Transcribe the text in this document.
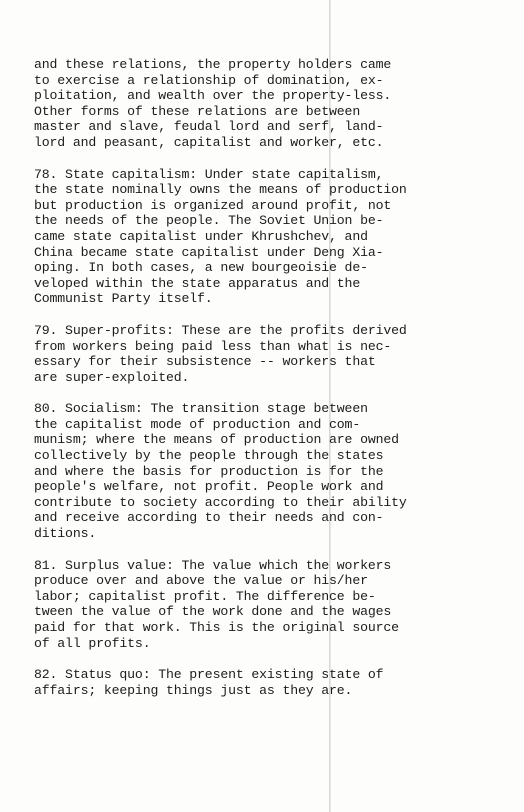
and these relations, the property holders came
to exercise a relationship of domination, ex-
ploitation, and wealth over the property-less.
Other forms of these relations are between
master and slave, feudal lord and serf, land-
lord and peasant, capitalist and worker, etc.
78. State capitalism: Under state capitalism,
the state nominally owns the means of production
but production is organized around profit, not
the needs of the people. The Soviet Union be-
came state capitalist under Khrushchev, and
China became state capitalist under Deng Xia-
oping. In both cases, a new bourgeoisie de-
veloped within the state apparatus and the
Communist Party itself.
79. Super-profits: These are the profits derived
from workers being paid less than what is nec-
essary for their subsistence -- workers that
are super-exploited.
80. Socialism: The transition stage between
the capitalist mode of production and com-
munism; where the means of production are owned
collectively by the people through the states
and where the basis for production is for the
people's welfare, not profit. People work and
contribute to society according to their ability
and receive according to their needs and con-
ditions.
81. Surplus value: The value which the workers
produce over and above the value or his/her
labor; capitalist profit. The difference be-
tween the value of the work done and the wages
paid for that work. This is the original source
of all profits.
82. Status quo: The present existing state of
affairs; keeping things just as they are.
